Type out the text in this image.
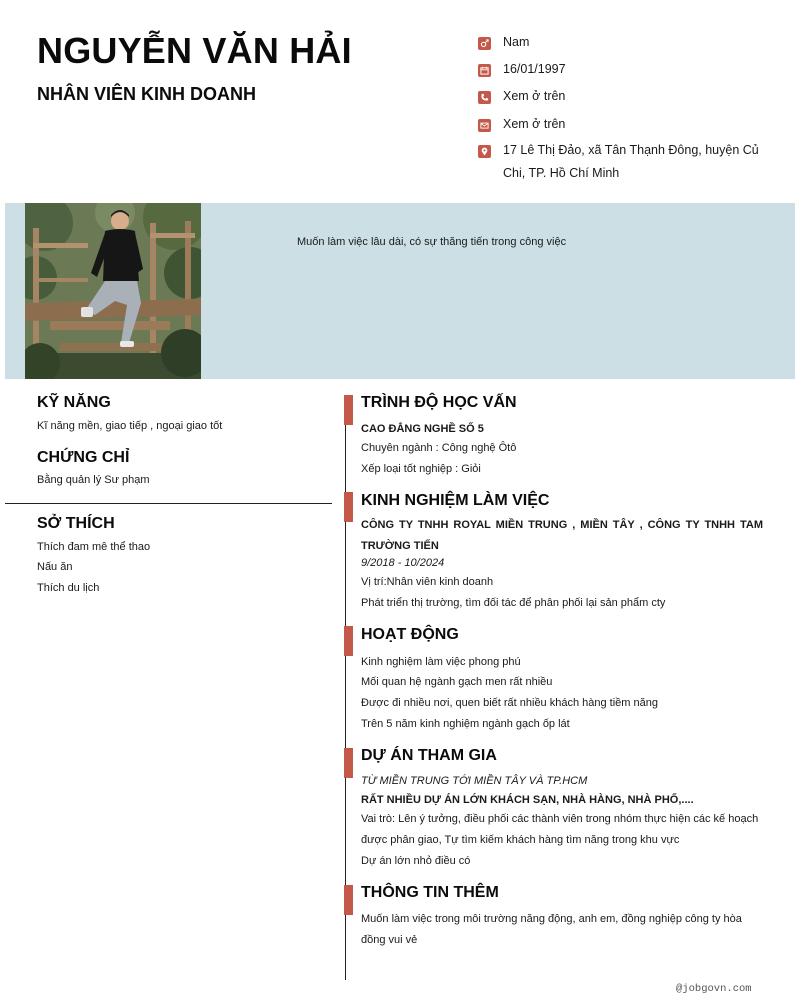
NGUYỄN VĂN HẢI
NHÂN VIÊN KINH DOANH
Nam
16/01/1997
Xem ở trên
Xem ở trên
17 Lê Thị Đảo, xã Tân Thạnh Đông, huyện Củ Chi, TP. Hồ Chí Minh
Muốn làm việc lâu dài, có sự thăng tiến trong công việc
KỸ NĂNG
Kĩ năng mền, giao tiếp , ngoại giao tốt
CHỨNG CHỈ
Bằng quản lý Sư phạm
SỞ THÍCH
Thích đam mê thể thao
Nấu ăn
Thích du lịch
TRÌNH ĐỘ HỌC VẤN
CAO ĐẲNG NGHỀ SỐ 5
Chuyên ngành : Công nghệ Ôtô
Xếp loại tốt nghiệp : Giỏi
KINH NGHIỆM LÀM VIỆC
CÔNG TY TNHH ROYAL MIỀN TRUNG , MIỀN TÂY , CÔNG TY TNHH TAM TRƯỜNG TIẾN
9/2018 - 10/2024
Vị trí:Nhân viên kinh doanh
Phát triển thị trường, tìm đối tác để phân phối lại sản phẩm cty
HOẠT ĐỘNG
Kinh nghiệm làm việc phong phú
Mối quan hệ ngành gạch men rất nhiều
Được đi nhiều nơi, quen biết rất nhiều khách hàng tiềm năng
Trên 5 năm kinh nghiệm ngành gạch ốp lát
DỰ ÁN THAM GIA
TỪ MIỀN TRUNG TỚI MIỀN TÂY VÀ TP.HCM
RẤT NHIỀU DỰ ÁN LỚN KHÁCH SẠN, NHÀ HÀNG, NHÀ PHỐ,....
Vai trò: Lên ý tưởng, điều phối các thành viên trong nhóm thực hiện các kế hoạch được phân giao, Tự tìm kiếm khách hàng tìm năng trong khu vực
Dự án lớn nhỏ điều có
THÔNG TIN THÊM
Muốn làm việc trong môi trường năng động, anh em, đồng nghiệp công ty hòa đồng vui vẻ
@jobgovn.com
